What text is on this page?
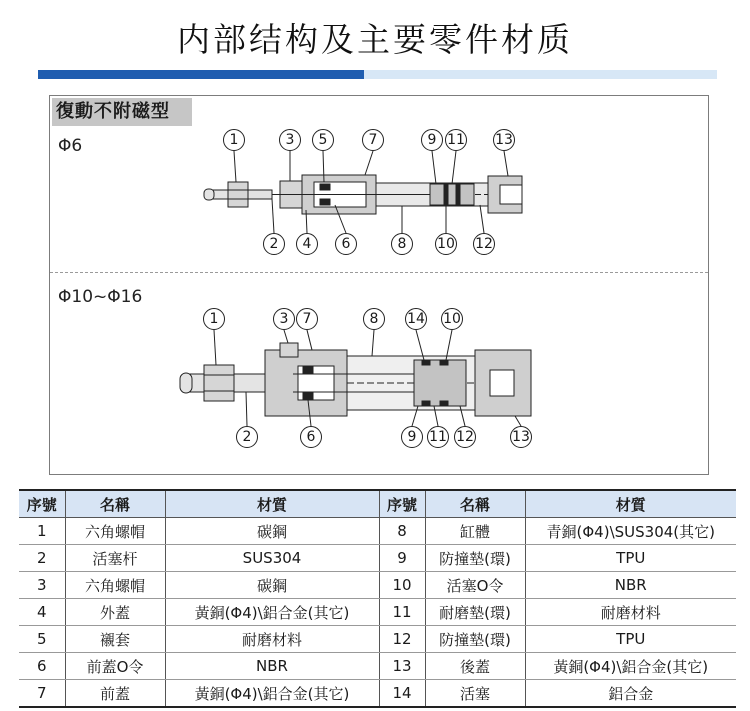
内部结构及主要零件材质
復動不附磁型
Φ6
Φ10~Φ16
1	3	5	7	9 11 13
2	4	6	8	10 12
1	3	7	8	14 10
2	6	9 11 12	13
序號	名稱	材質	序號	名稱	材質
1	六角螺帽	碳鋼	8	缸體	青銅(Φ4)\SUS304(其它)
2	活塞杆	SUS304	9	防撞墊(環)	TPU
3	六角螺帽	碳鋼	10	活塞O令	NBR
4	外蓋	黃銅(Φ4)\鋁合金(其它)	11	耐磨墊(環)	耐磨材料
5	襯套	耐磨材料	12	防撞墊(環)	TPU
6	前蓋O令	NBR	13	後蓋	黃銅(Φ4)\鋁合金(其它)
7	前蓋	黃銅(Φ4)\鋁合金(其它)	14	活塞	鋁合金
